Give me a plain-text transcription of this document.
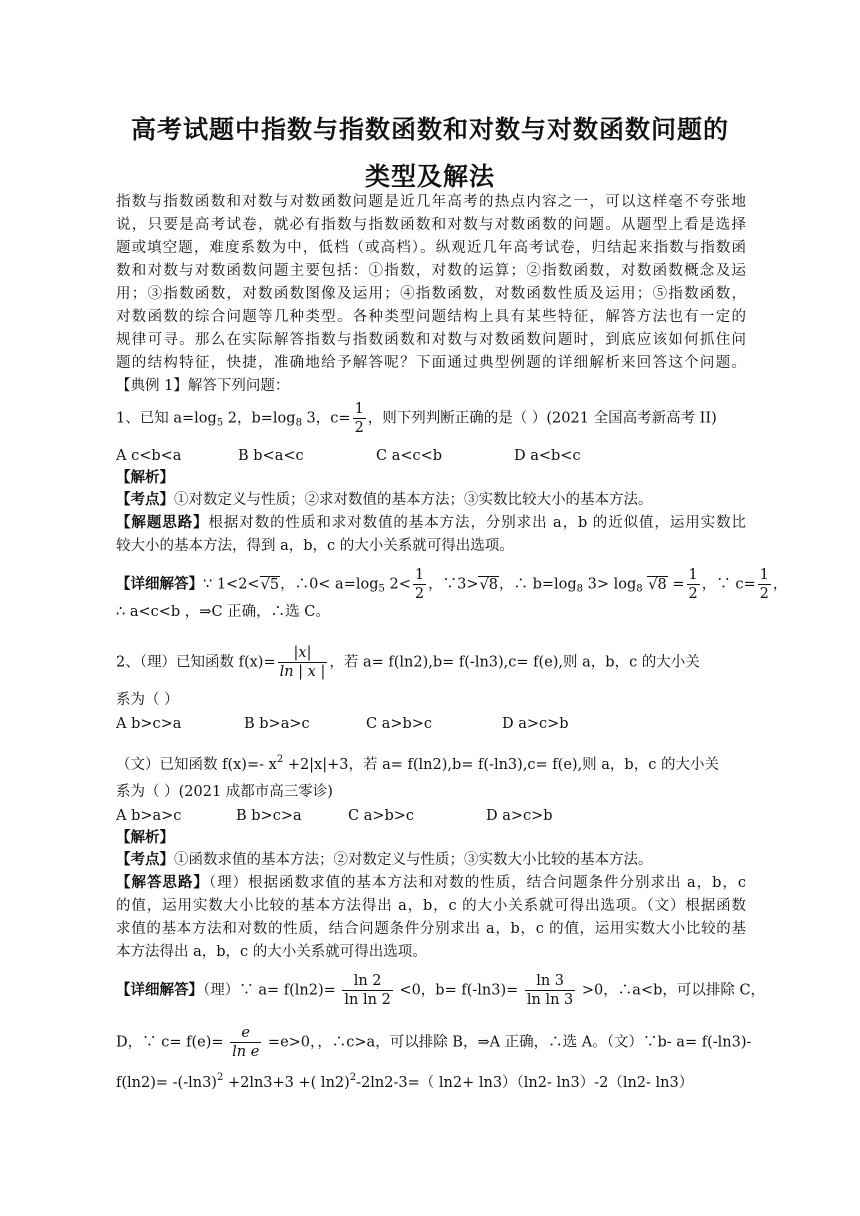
高考试题中指数与指数函数和对数与对数函数问题的
类型及解法
指数与指数函数和对数与对数函数问题是近几年高考的热点内容之一，可以这样毫不夸张地
说，只要是高考试卷，就必有指数与指数函数和对数与对数函数的问题。从题型上看是选择
题或填空题，难度系数为中，低档（或高档）。纵观近几年高考试卷，归结起来指数与指数函
数和对数与对数函数问题主要包括：①指数，对数的运算；②指数函数，对数函数概念及运
用；③指数函数，对数函数图像及运用；④指数函数，对数函数性质及运用；⑤指数函数，
对数函数的综合问题等几种类型。各种类型问题结构上具有某些特征，解答方法也有一定的
规律可寻。那么在实际解答指数与指数函数和对数与对数函数问题时，到底应该如何抓住问
题的结构特征，快捷，准确地给予解答呢？下面通过典型例题的详细解析来回答这个问题。
【典例 1】解答下列问题：
1、已知 $a=\log_5$ 2，$b=\log_8$ 3，$c= \frac{1}{2}$ ，则下列判断正确的是（ ）(2021 全国高考新高考 II)
A c<b<a	B b<a<c	C a<c<b	D a<b<c
【解析】
【考点】①对数定义与性质；②求对数值的基本方法；③实数比较大小的基本方法。
【解题思路】根据对数的性质和求对数值的基本方法，分别求出 a，b 的近似值，运用实数比
较大小的基本方法，得到 a，b，c 的大小关系就可得出选项。
【详细解答】∵ 1<2<√5，∴0< $a=\log_5$ $2< \frac{1}{2}$ ，∵3>√8，∴ $b=\log_8$ $3> \log_8 √8 = \frac{1}{2}$ ，∵ $c= \frac{1}{2}$ ，
∴ a<c<b ，⇒C 正确，∴选 C。
2、（理）已知函数 $f(x)= \frac{|x|}{\ln | x |}$ ，若 a= f(ln2),b= f(-ln3),c= f(e),则 a，b，c 的大小关
系为（ ）
A b>c>a	B b>a>c	C a>b>c	D a>c>b
（文）已知函数 f(x)=- $x^2 +2|x|+3$，若 a= f(ln2),b= f(-ln3),c= f(e),则 a，b，c 的大小关
系为（ ）(2021 成都市高三零诊)
A b>a>c	B b>c>a	C a>b>c	D a>c>b
【解析】
【考点】①函数求值的基本方法；②对数定义与性质；③实数大小比较的基本方法。
【解答思路】（理）根据函数求值的基本方法和对数的性质，结合问题条件分别求出 a，b，c
的值，运用实数大小比较的基本方法得出 a，b，c 的大小关系就可得出选项。（文）根据函数
求值的基本方法和对数的性质，结合问题条件分别求出 a，b，c 的值，运用实数大小比较的基
本方法得出 a，b，c 的大小关系就可得出选项。
【详细解答】（理）∵ $a= f(\ln 2)= \frac{\ln 2}{\text{ln ln 2}} <0$，$b= f(-\ln 3)= \frac{\ln 3}{\text{ln ln 3}} >0$，∴a<b，可以排除 C，
D，∵ $c= f(e)= \frac{e}{\text{ln e}} =e>0$，，∴c>a，可以排除 B，⇒A 正确，∴选 A。（文）∵b- a= f(-ln3)-
$f(\ln 2)= -(-\ln 3)^2 +2\ln 3+3$ +( ln2)$^2$-2ln2-3=（ ln2+ ln3）（ln2- ln3）-2（ln2- ln3）
